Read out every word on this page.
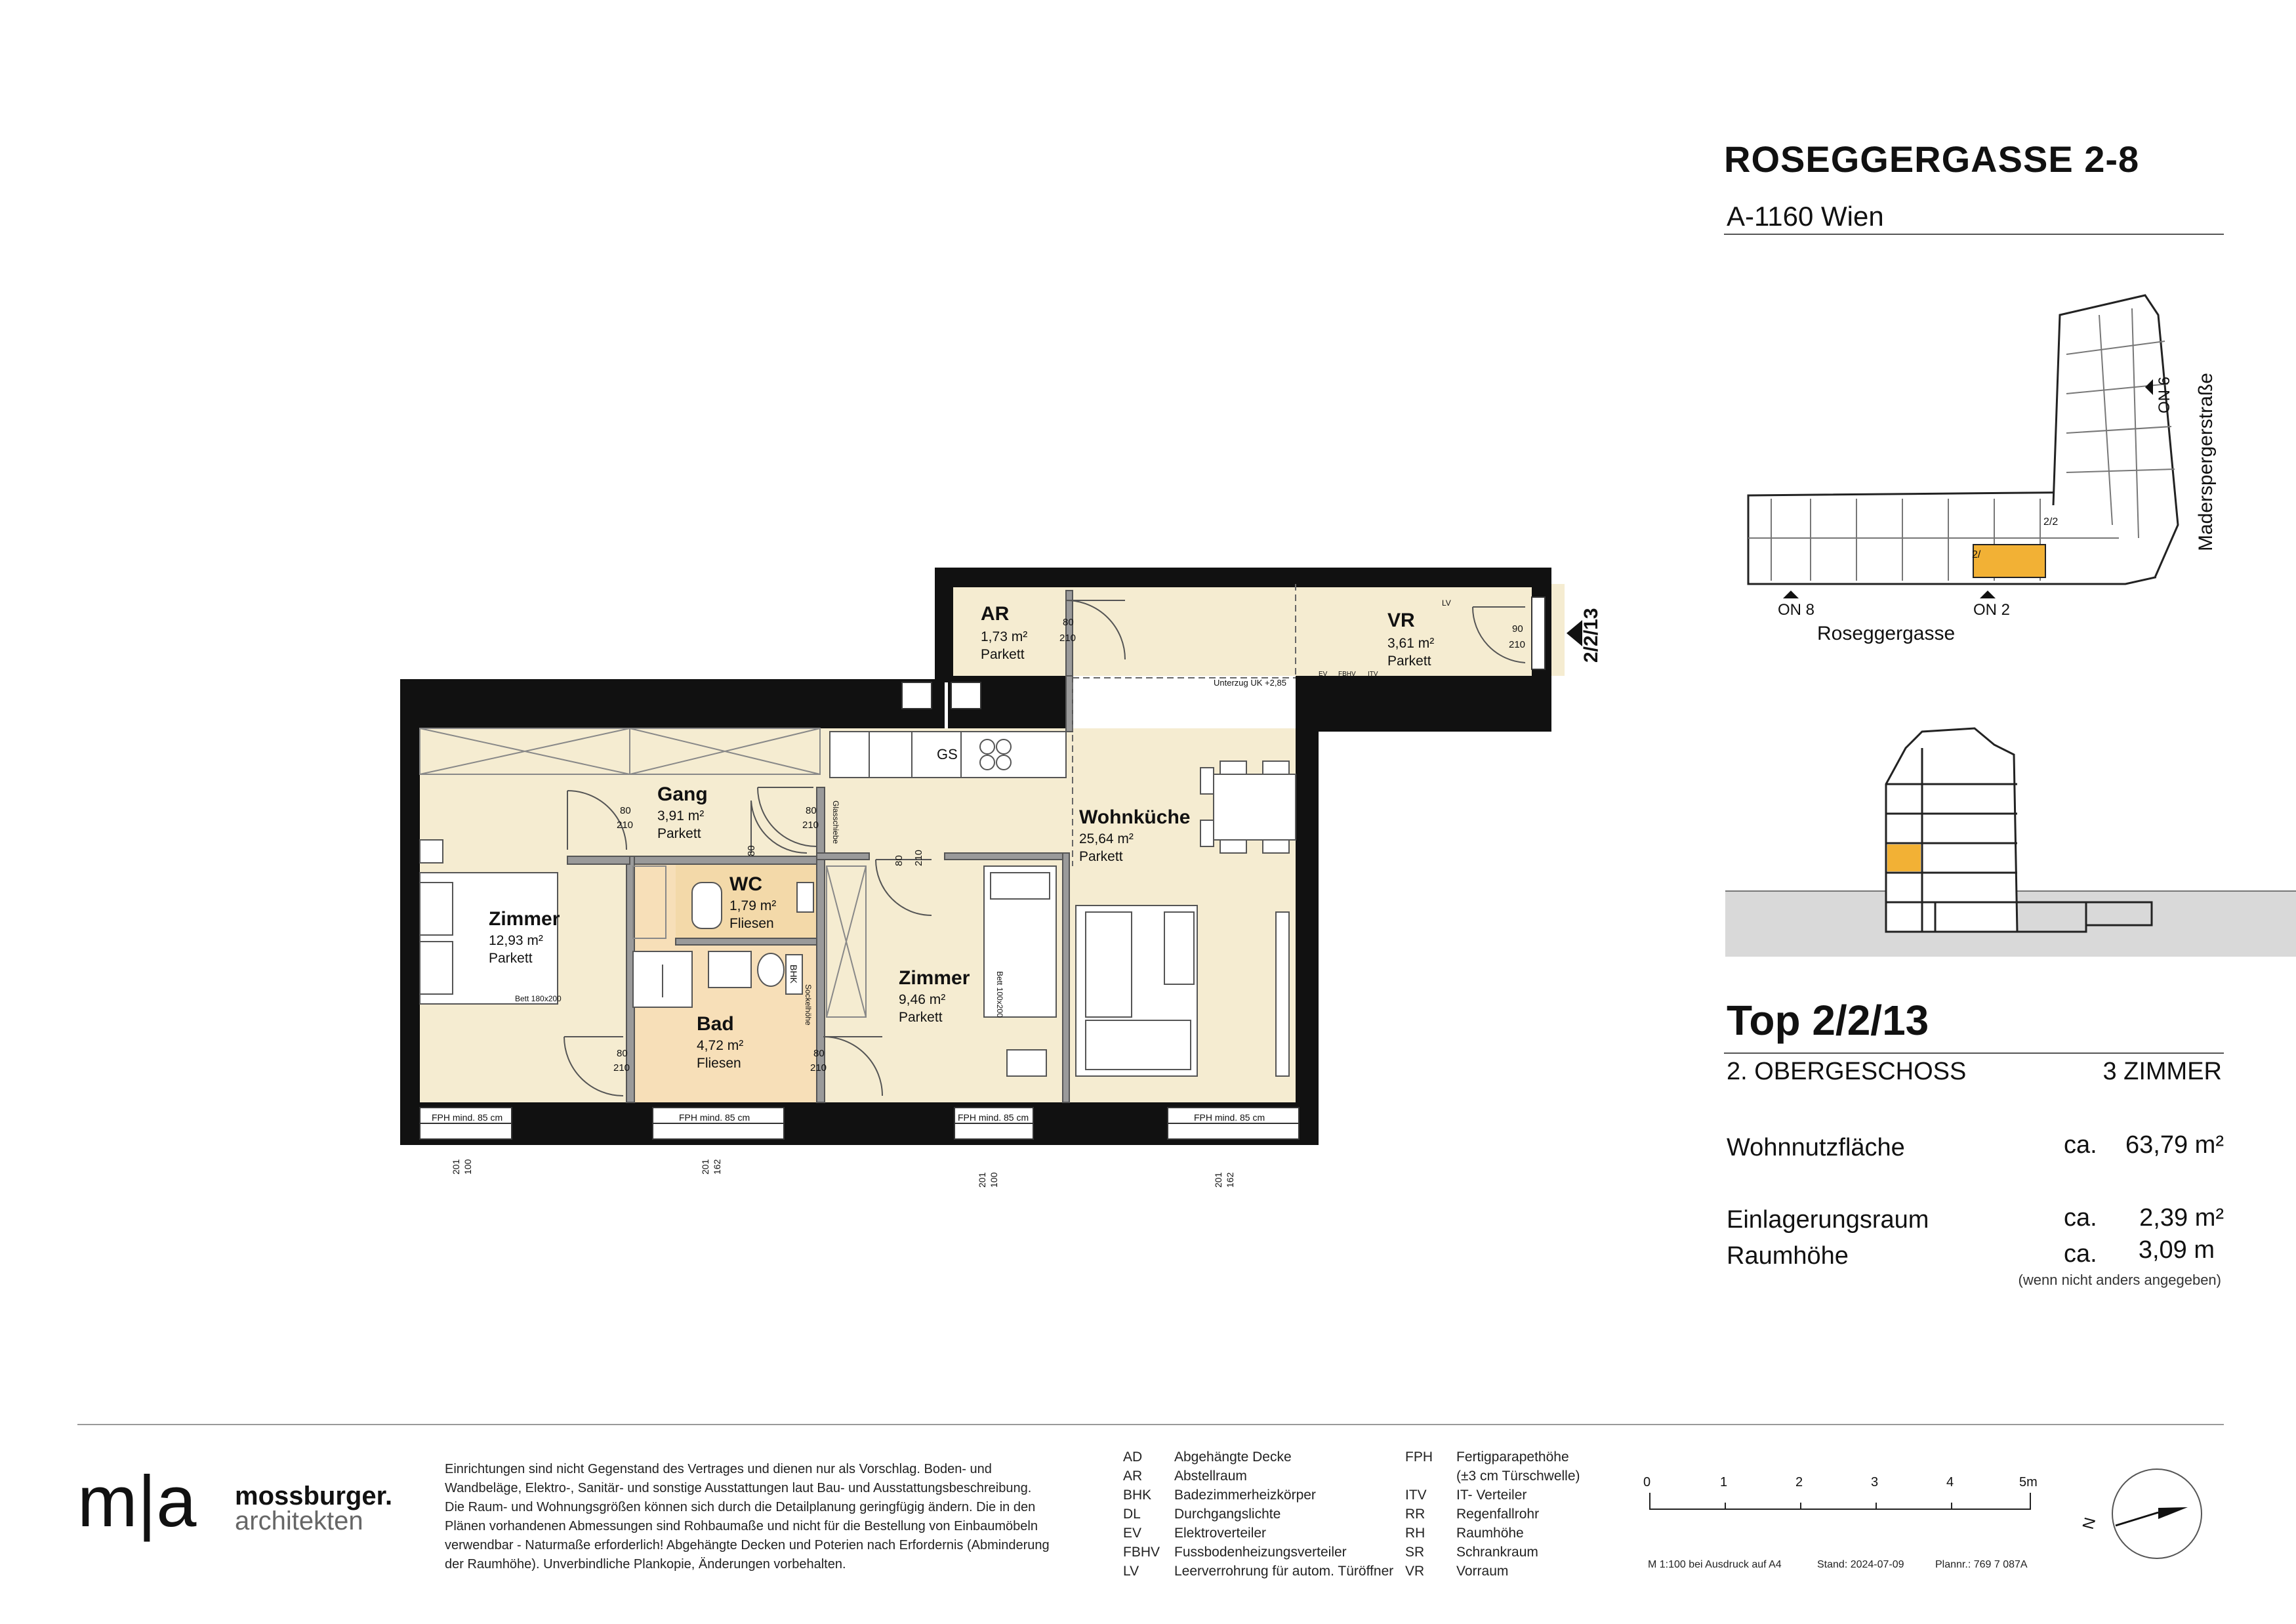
GS
Bett 180x200	Bett 100x200
BHK
Sockelhöhe
Glasschiebe
AR
1,73 m²
Parkett
VR
3,61 m²
Parkett
Gang
3,91 m²
Parkett
WC
1,79 m²
Fliesen
Wohnküche
25,64 m²
Parkett
Zimmer
12,93 m²
Parkett
Bad
4,72 m²
Fliesen
Zimmer
9,46 m²
Parkett
80
210
90
210
80
210
80
210
80
210
80
210
80
80 210
FPH mind. 85 cm	FPH mind. 85 cm	FPH mind. 85 cm	FPH mind. 85 cm
100
201	162
201
100
201	162
201
Unterzug UK +2,85
EV FBHV ITV
LV
2/2/13	ON 8	ON 2
ON 6
2/2
2/
Roseggergasse
Maderspergerstraße
0	1	2	3	4	5m
N
ROSEGGERGASSE 2-8
A-1160 Wien
Top 2/2/13
2. OBERGESCHOSS	3 ZIMMER
Wohnnutzfläche	ca.	63,79 m²
Einlagerungsraum	ca.	2,39 m²
Raumhöhe	ca.	3,09 m
(wenn nicht anders angegeben)
m|a mossburger.
architekten
Einrichtungen sind nicht Gegenstand des Vertrages und dienen nur als Vorschlag. Boden- und
Wandbeläge, Elektro-, Sanitär- und sonstige Ausstattungen laut Bau- und Ausstattungsbeschreibung.
Die Raum- und Wohnungsgrößen können sich durch die Detailplanung geringfügig ändern. Die in den
Plänen vorhandenen Abmessungen sind Rohbaumaße und nicht für die Bestellung von Einbaumöbeln
verwendbar - Naturmaße erforderlich! Abgehängte Decken und Poterien nach Erfordernis (Abminderung
der Raumhöhe). Unverbindliche Plankopie, Änderungen vorbehalten.
AD Abgehängte Decke
AR Abstellraum
BHK Badezimmerheizkörper
DL Durchgangslichte
EV Elektroverteiler
FBHV Fussbodenheizungsverteiler
LV	Leerverrohrung für autom. Türöffner
FPH Fertigparapethöhe
(±3 cm Türschwelle)
ITV IT- Verteiler
RR Regenfallrohr
RH Raumhöhe
SR Schrankraum
VR Vorraum	M 1:100 bei Ausdruck auf A4	Stand: 2024-07-09	Plannr.: 769 7 087A
